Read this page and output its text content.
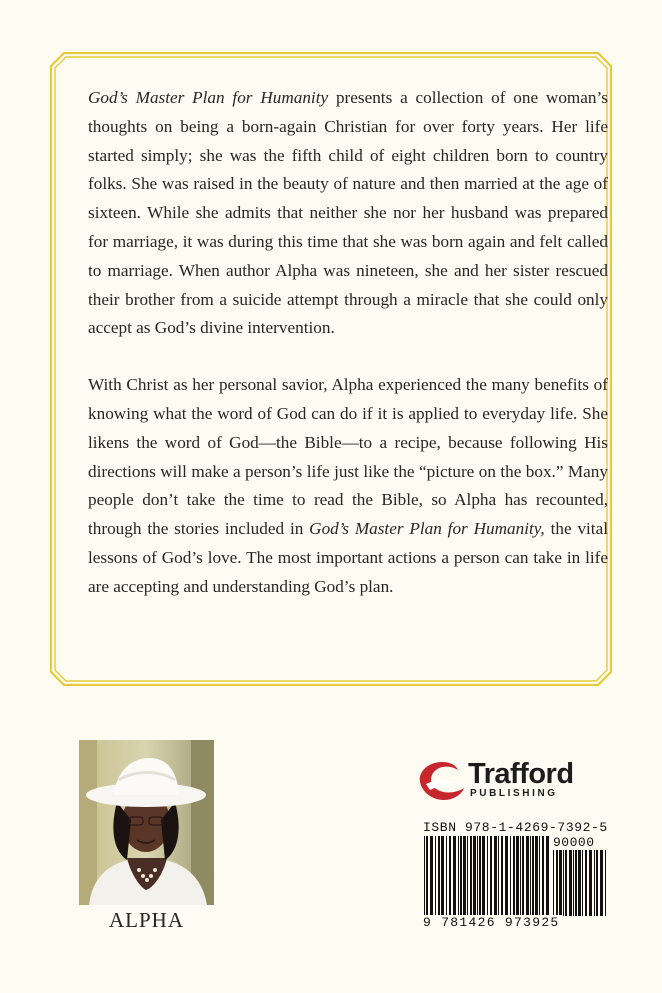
God’s Master Plan for Humanity presents a collection of one woman’s thoughts on being a born-again Christian for over forty years. Her life started simply; she was the fifth child of eight children born to country folks. She was raised in the beauty of nature and then married at the age of sixteen. While she admits that neither she nor her husband was prepared for marriage, it was during this time that she was born again and felt called to marriage. When author Alpha was nineteen, she and her sister rescued their brother from a suicide attempt through a miracle that she could only accept as God’s divine intervention.

With Christ as her personal savior, Alpha experienced the many benefits of knowing what the word of God can do if it is applied to everyday life. She likens the word of God—the Bible—to a recipe, because following His directions will make a person’s life just like the “picture on the box.” Many people don’t take the time to read the Bible, so Alpha has recounted, through the stories included in God’s Master Plan for Humanity, the vital lessons of God’s love. The most important actions a person can take in life are accepting and understanding God’s plan.

ALPHA
Trafford
PUBLISHING
ISBN 978-1-4269-7392-5
90000
9 781426 973925
